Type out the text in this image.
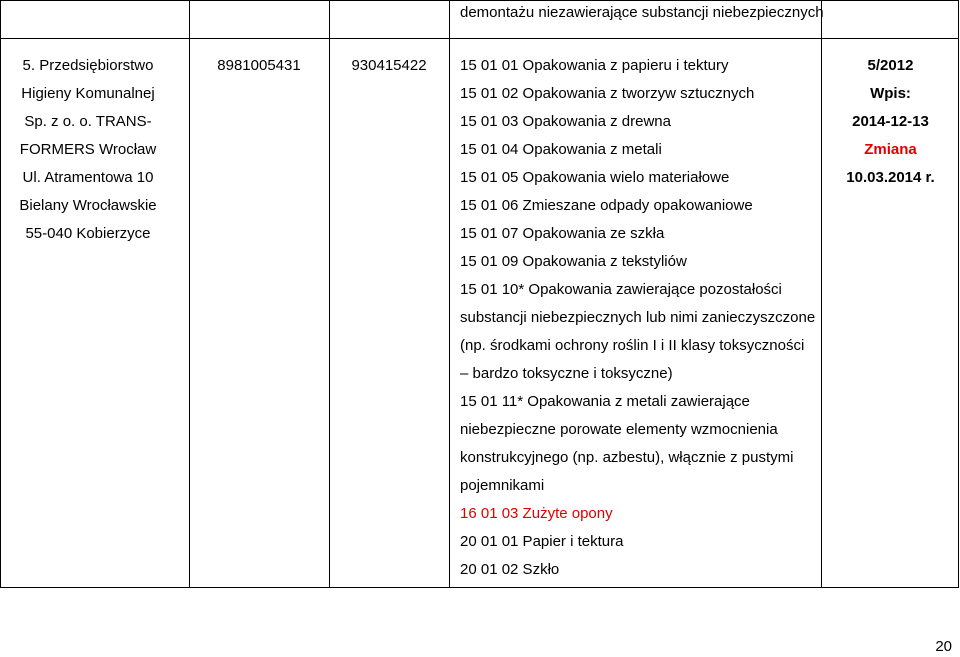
demontażu niezawierające substancji niebezpiecznych
5. Przedsiębiorstwo
Higieny Komunalnej
Sp. z o. o. TRANS-
FORMERS Wrocław
Ul. Atramentowa 10
Bielany Wrocławskie
55-040 Kobierzyce
8981005431	930415422	15 01 01 Opakowania z papieru i tektury
15 01 02 Opakowania z tworzyw sztucznych
15 01 03 Opakowania z drewna
15 01 04 Opakowania z metali
15 01 05 Opakowania wielo materiałowe
15 01 06 Zmieszane odpady opakowaniowe
15 01 07 Opakowania ze szkła
15 01 09 Opakowania z tekstyliów
15 01 10* Opakowania zawierające pozostałości
substancji niebezpiecznych lub nimi zanieczyszczone
(np. środkami ochrony roślin I i II klasy toksyczności
– bardzo toksyczne i toksyczne)
15 01 11* Opakowania z metali zawierające
niebezpieczne porowate elementy wzmocnienia
konstrukcyjnego (np. azbestu), włącznie z pustymi
pojemnikami
16 01 03 Zużyte opony
20 01 01 Papier i tektura
20 01 02 Szkło
5/2012
Wpis:
2014-12-13
Zmiana
10.03.2014 r.
20
